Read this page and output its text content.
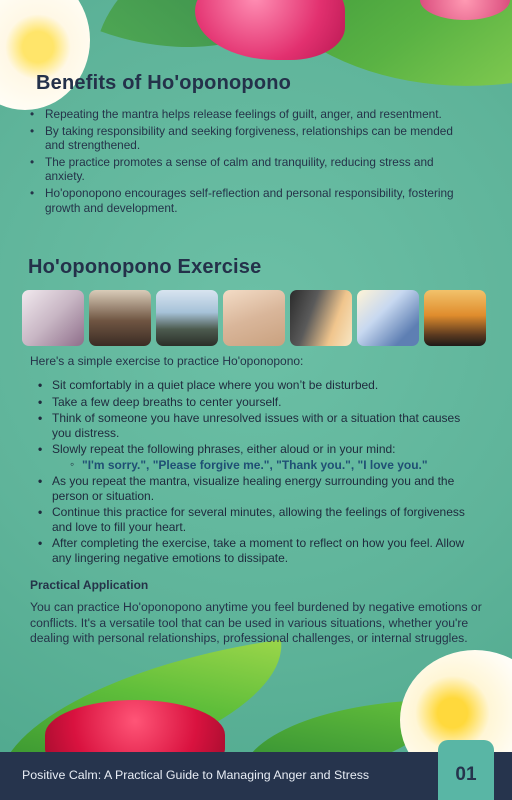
Benefits of Ho'oponopono
• Repeating the mantra helps release feelings of guilt, anger, and resentment.
• By taking responsibility and seeking forgiveness, relationships can be mended and strengthened.
• The practice promotes a sense of calm and tranquility, reducing stress and anxiety.
• Ho'oponopono encourages self-reflection and personal responsibility, fostering growth and development.
Ho'oponopono Exercise
Here's a simple exercise to practice Ho'oponopono:
• Sit comfortably in a quiet place where you won’t be disturbed.
• Take a few deep breaths to center yourself.
• Think of someone you have unresolved issues with or a situation that causes you distress.
• Slowly repeat the following phrases, either aloud or in your mind:
◦ "I'm sorry.", "Please forgive me.", "Thank you.", "I love you."
• As you repeat the mantra, visualize healing energy surrounding you and the person or situation.
• Continue this practice for several minutes, allowing the feelings of forgiveness and love to fill your heart.
• After completing the exercise, take a moment to reflect on how you feel. Allow any lingering negative emotions to dissipate.
Practical Application

You can practice Ho'oponopono anytime you feel burdened by negative emotions or conflicts. It's a versatile tool that can be used in various situations, whether you're dealing with personal relationships, professional challenges, or internal struggles.

Positive Calm: A Practical Guide to Managing Anger and Stress	01
